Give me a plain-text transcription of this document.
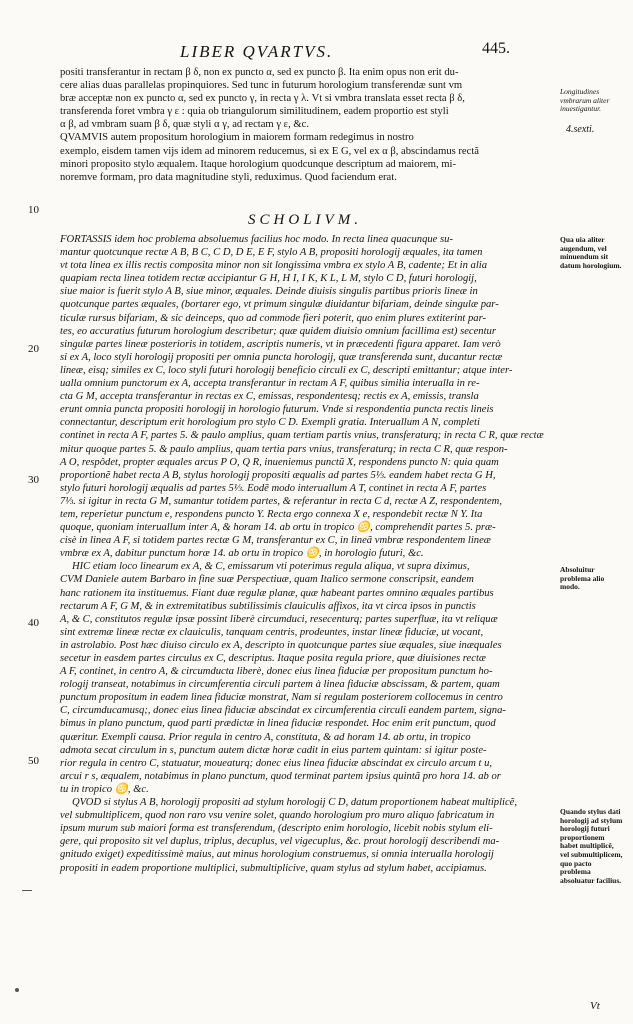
LIBER QVARTVS.	445.

positi transferantur in rectam β δ, non ex puncto α, sed ex puncto β. Ita enim opus non erit du-

cere alias duas parallelas propinquiores. Sed tunc in futurum horologium transferendæ sunt vm

bræ acceptæ non ex puncto α, sed ex puncto γ, in recta γ λ. Vt si vmbra translata esset recta β δ,

transferenda foret vmbra γ ε : quia ob triangulorum similitudinem, eadem proportio est styli

α β, ad vmbram suam β δ, quæ styli α γ, ad rectam γ ε, &c.

QVAMVIS autem propositum horologium in maiorem formam redegimus in nostro

exemplo, eisdem tamen vijs idem ad minorem reducemus, si ex E G, vel ex α β, abscindamus rectã

minori proposito stylo æqualem. Itaque horologium quodcunque descriptum ad maiorem, mi-

noremve formam, pro data magnitudine styli, reduximus. Quod faciendum erat.

10
SCHOLIVM.

FORTASSIS idem hoc problema absoluemus facilius hoc modo. In recta linea quacunque su-

mantur quotcunque rectæ A B, B C, C D, D E, E F, stylo A B, propositi horologij æquales, ita tamen

vt tota linea ex illis rectis composita minor non sit longissima vmbra ex stylo A B, cadente; Et in alia

quapiam recta linea totidem rectæ accipiantur G H, H I, I K, K L, L M, stylo C D, futuri horologij,

siue maior is fuerit stylo A B, siue minor, æquales. Deinde diuisis singulis partibus prioris lineæ in

quotcunque partes æquales, (bortarer ego, vt primum singulæ diuidantur bifariam, deinde singulæ par-

ticulæ rursus bifariam, & sic deinceps, quo ad commode fieri poterit, quo enim plures extiterint par-

tes, eo accuratius futurum horologium describetur; quæ quidem diuisio omnium facillima est) secentur

singulæ partes lineæ posterioris in totidem, ascriptis numeris, vt in præcedenti figura apparet. Iam verò

si ex A, loco styli horologij propositi per omnia puncta horologij, quæ transferenda sunt, ducantur rectæ

lineæ, eisq; similes ex C, loco styli futuri horologij beneficio circuli ex C, descripti emittantur; atque inter-

ualla omnium punctorum ex A, accepta transferantur in rectam A F, quibus similia interualla in re-

cta G M, accepta transferantur in rectas ex C, emissas, respondentesq; rectis ex A, emissis, transla

erunt omnia puncta propositi horologij in horologio futurum. Vnde si respondentia puncta rectis lineis

connectantur, descriptum erit horologium pro stylo C D. Exempli gratia. Interuallum A N, completi

continet in recta A F, partes 5. & paulo amplius, quam tertiam partis vnius, transferaturq; in recta C R, quæ rectæ

mitur quoque partes 5. & paulo amplius, quam tertia pars vnius, transferaturq; in recta C R, quæ respon-

A O, respôdet, propter æquales arcus P O, Q R, inueniemus punctũ X, respondens puncto N: quia quam

proportionẽ habet recta A B, stylus horologij propositi æqualis ad partes 5⅓. eandem habet recta G H,

stylo futuri horologij æqualis ad partes 5⅓. Eodẽ modo interuallum A T, continet in recta A F, partes

7⅓. si igitur in recta G M, sumantur totidem partes, & referantur in recta C d, rectæ A Z, respondentem,

tem, reperietur punctum e, respondens puncto Y. Recta ergo connexa X e, respondebit rectæ N Y. Ita

quoque, quoniam interuallum inter A, & horam 14. ab ortu in tropico ♋, comprehendit partes 5. præ-

cisè in linea A F, si totidem partes rectæ G M, transferantur ex C, in lineã vmbræ respondentem lineæ

vmbræ ex A, dabitur punctum horæ 14. ab ortu in tropico ♋, in horologio futuri, &c.

HIC etiam loco linearum ex A, & C, emissarum vti poterimus regula aliqua, vt supra diximus,

CVM Daniele autem Barbaro in fine suæ Perspectiuæ, quam Italico sermone conscripsit, eandem

hanc rationem ita instituemus. Fiant duæ regulæ planæ, quæ habeant partes omnino æquales partibus

rectarum A F, G M, & in extremitatibus subtilissimis clauiculis affixos, ita vt circa ipsos in punctis

A, & C, constitutos regulæ ipsæ possint liberè circumduci, resecenturq; partes superfluæ, ita vt reliquæ

sint extremæ lineæ rectæ ex clauiculis, tanquam centris, prodeuntes, instar lineæ fiduciæ, ut vocant,

in astrolabio. Post hæc diuiso circulo ex A, descripto in quotcunque partes siue æquales, siue inæquales

secetur in easdem partes circulus ex C, descriptus. Itaque posita regula priore, quæ diuisiones rectæ

A F, continet, in centro A, & circumducta liberè, donec eius linea fiduciæ per propositum punctum ho-

rologij transeat, notabimus in circumferentia circuli partem à linea fiduciæ abscissam, & partem, quam

punctum propositum in eadem linea fiduciæ monstrat, Nam si regulam posteriorem collocemus in centro

C, circumducamusq;, donec eius linea fiduciæ abscindat ex circumferentia circuli eandem partem, signa-

bimus in plano punctum, quod parti prædictæ in linea fiduciæ respondet. Hoc enim erit punctum, quod

quæritur. Exempli causa. Prior regula in centro A, constituta, & ad horam 14. ab ortu, in tropico

admota secat circulum in s, punctum autem dictæ horæ cadit in eius partem quintam: si igitur poste-

rior regula in centro C, statuatur, moueaturq; donec eius linea fiduciæ abscindat ex circulo arcum t u,

arcui r s, æqualem, notabimus in plano punctum, quod terminat partem ipsius quintã pro hora 14. ab or

tu in tropico ♋, &c.

QVOD si stylus A B, horologij propositi ad stylum horologij C D, datum proportionem habeat multiplicẽ,

vel submultiplicem, quod non raro vsu venire solet, quando horologium pro muro aliquo fabricatum in

ipsum murum sub maiori forma est transferendum, (descripto enim horologio, licebit nobis stylum eli-

gere, qui proposito sit vel duplus, triplus, decuplus, vel vigecuplus, &c. prout horologij describendi ma-

gnitudo exiget) expeditissimè maius, aut minus horologium construemus, si omnia interualla horologij

propositi in eadem proportione multiplici, submultiplicive, quam stylus ad stylum habet, accipiamus.

20
30
40
50
Longitudines vmbrarum aliter inuestigantur.
4.sexti.
Qua uia aliter augendum, vel minuendum sit datum horologium.
Absoluitur problema alio modo.
Quando stylus dati horologij ad stylum horologij futuri proportionem habet multiplicẽ, vel submultiplicem, quo pacto problema absoluatur facilius.
Vt
